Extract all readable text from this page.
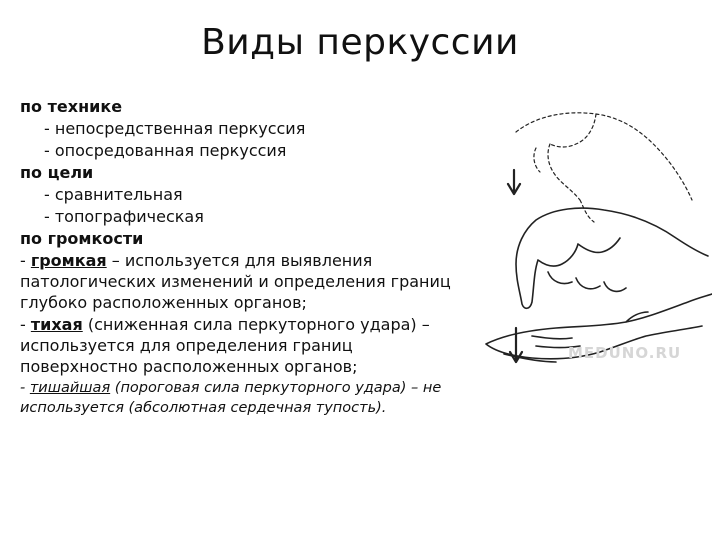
Виды перкуссии
по технике
- непосредственная перкуссия
- опосредованная перкуссия
по цели
- сравнительная
- топографическая
по громкости
- громкая – используется для выявления патологических изменений и определения границ глубоко расположенных органов;
- тихая (сниженная сила перкуторного удара) – используется для определения границ поверхностно расположенных органов;
- тишайшая (пороговая сила перкуторного удара) – не используется (абсолютная сердечная тупость).
MEDUNO.RU
